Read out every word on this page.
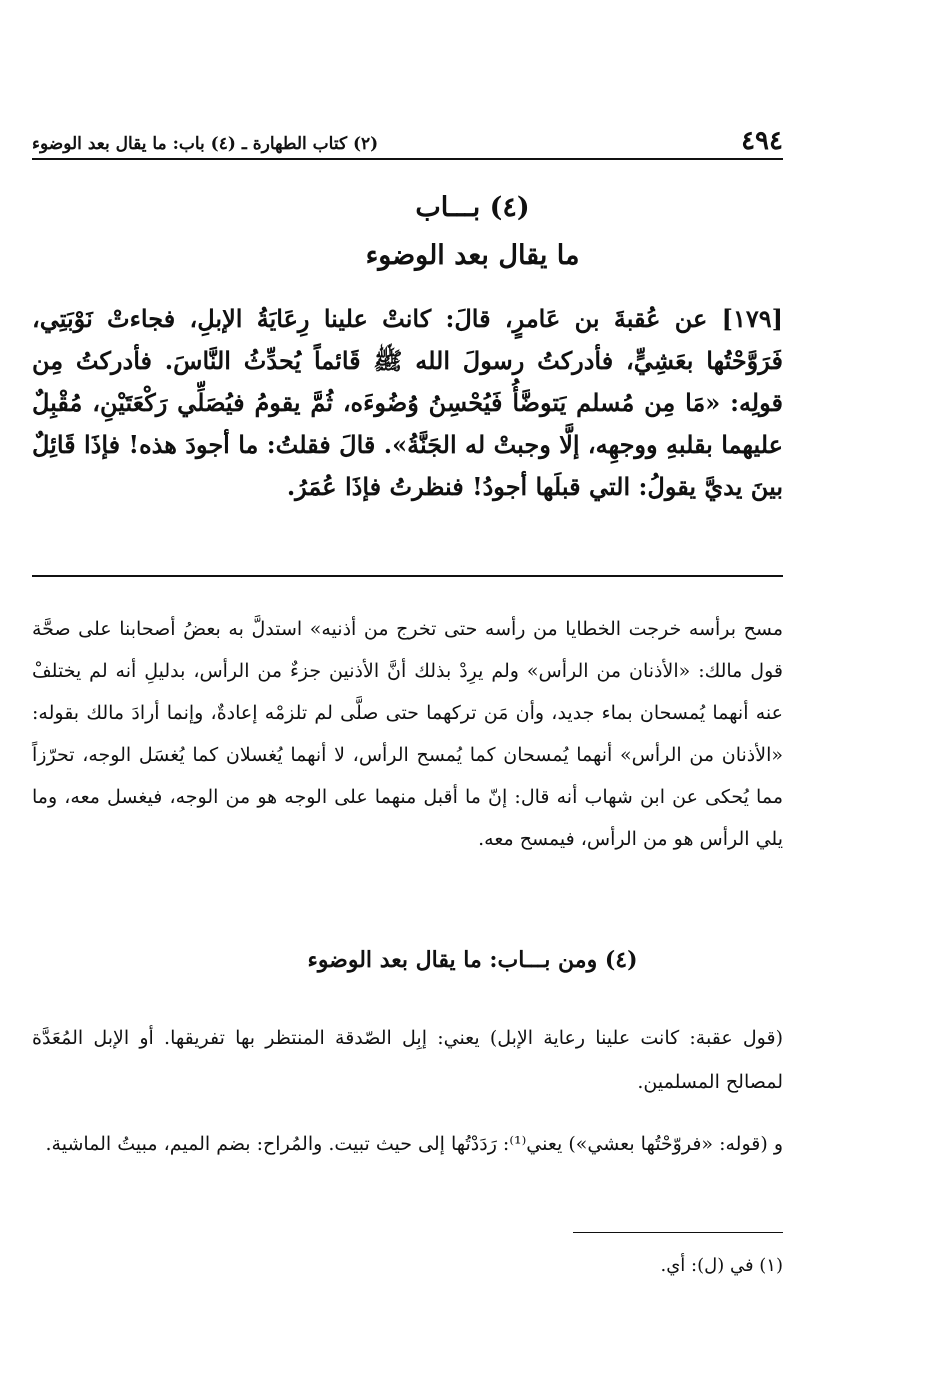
٤٩٤
(٢) كتاب الطهارة ـ (٤) باب: ما يقال بعد الوضوء
(٤) بـــاب
ما يقال بعد الوضوء
[١٧٩] عن عُقبةَ بن عَامرٍ، قالَ: كانتْ علينا رِعَايَةُ الإبلِ، فجاءتْ نَوْبَتِي، فَرَوَّحْتُها بعَشِيٍّ، فأدركتُ رسولَ الله ﷺ قَائماً يُحدِّثُ النَّاسَ. فأدركتُ مِن قولِه: «مَا مِن مُسلم يَتوضَّأُ فَيُحْسِنُ وُضُوءَه، ثُمَّ يقومُ فيُصَلِّي رَكْعَتَيْنِ، مُقْبِلٌ عليهما بقلبهِ ووجهِه، إلَّا وجبتْ له الجَنَّةُ». قالَ فقلتُ: ما أجودَ هذه! فإذَا قَائِلٌ بينَ يديَّ يقولُ: التي قبلَها أجودُ! فنظرتُ فإذَا عُمَرُ.
مسح برأسه خرجت الخطايا من رأسه حتى تخرج من أذنيه» استدلَّ به بعضُ أصحابنا على صحَّة قول مالك: «الأذنان من الرأس» ولم يرِدْ بذلك أنَّ الأذنين جزءٌ من الرأس، بدليلِ أنه لم يختلفْ عنه أنهما يُمسحان بماء جديد، وأن مَن تركهما حتى صلَّى لم تلزمْه إعادةٌ، وإنما أرادَ مالك بقوله: «الأذنان من الرأس» أنهما يُمسحان كما يُمسح الرأس، لا أنهما يُغسلان كما يُغسَل الوجه، تحرّزاً مما يُحكى عن ابن شهاب أنه قال: إنّ ما أقبل منهما على الوجه هو من الوجه، فيغسل معه، وما يلي الرأس هو من الرأس، فيمسح معه.
(٤) ومن بـــاب: ما يقال بعد الوضوء
(قول عقبة: كانت علينا رعاية الإبل) يعني: إبِل الصّدقة المنتظر بها تفريقها. أو الإبل المُعَدَّة لمصالح المسلمين.
و (قوله: «فروّحْتُها بعشي») يعني⁽¹⁾: رَدَدْتُها إلى حيث تبيت. والمُراح: بضم الميم، مبيتُ الماشية.
(١) في (ل): أي.
